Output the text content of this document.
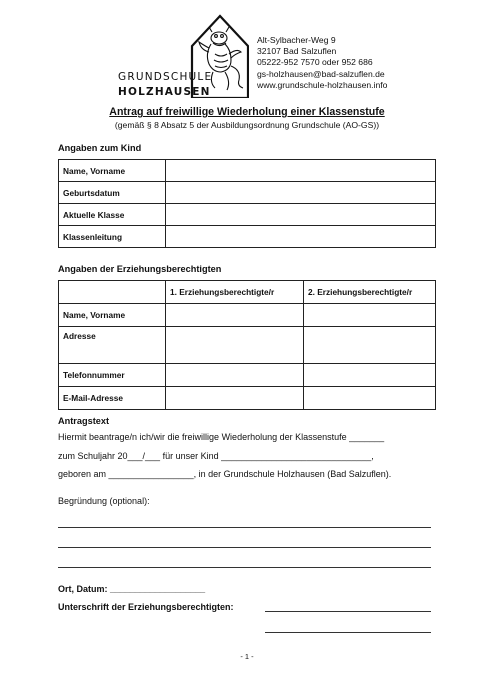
GRUNDSCHULE
HOLZHAUSEN
Alt-Sylbacher-Weg 9
32107 Bad Salzuflen
05222-952 7570 oder 952 686
gs-holzhausen@bad-salzuflen.de
www.grundschule-holzhausen.info
Antrag auf freiwillige Wiederholung einer Klassenstufe
(gemäß § 8 Absatz 5 der Ausbildungsordnung Grundschule (AO-GS))
Angaben zum Kind
Name, Vorname	
Geburtsdatum	
Aktuelle Klasse	
Klassenleitung	
Angaben der Erziehungsberechtigten
	1. Erziehungsberechtigte/r	2. Erziehungsberechtigte/r
Name, Vorname		
Adresse		
Telefonnummer		
E-Mail-Adresse		
Antragstext
Hiermit beantrage/n ich/wir die freiwillige Wiederholung der Klassenstufe _______
zum Schuljahr 20___/___ für unser Kind ______________________________,
geboren am _________________, in der Grundschule Holzhausen (Bad Salzuflen).
Begründung (optional):
Ort, Datum: ___________________
Unterschrift der Erziehungsberechtigten:
- 1 -
